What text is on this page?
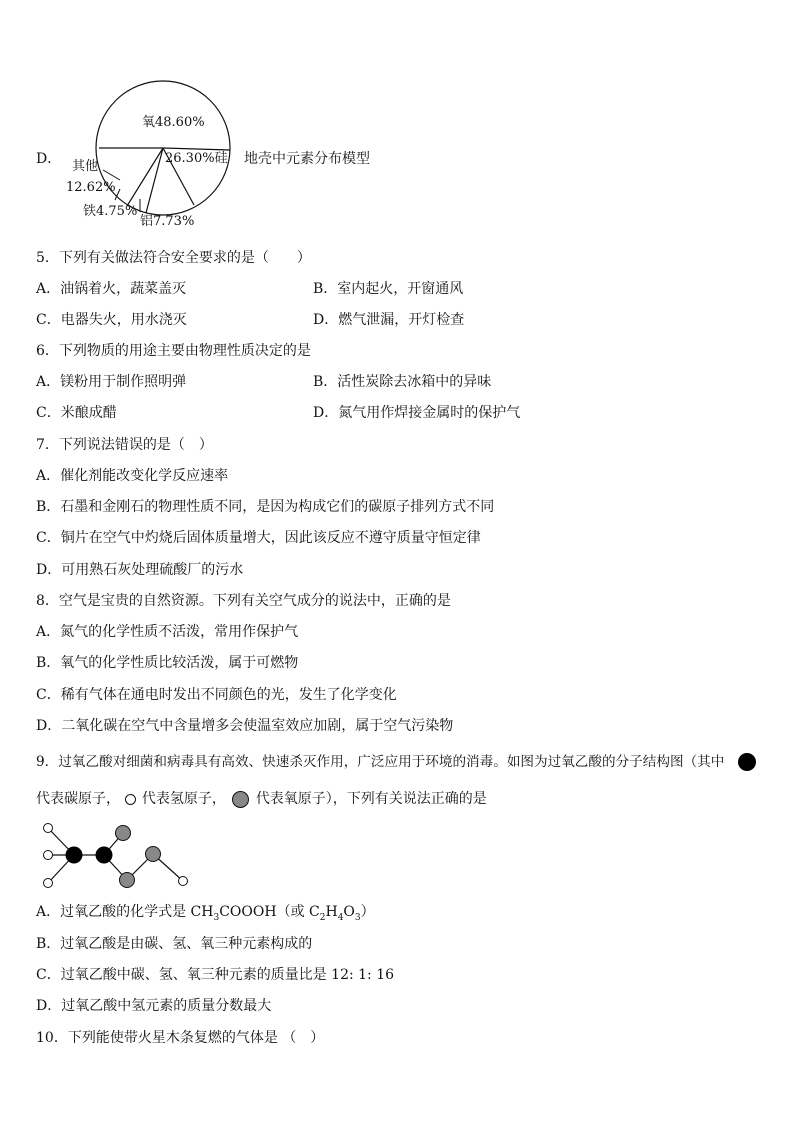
D．
氧48.60%
26.30%硅
其他
12.62%
铁4.75%
铝7.73%
地壳中元素分布模型
5．下列有关做法符合安全要求的是（　　）
A．油锅着火，蔬菜盖灭	B．室内起火，开窗通风
C．电器失火，用水浇灭	D．燃气泄漏，开灯检查
6．下列物质的用途主要由物理性质决定的是
A．镁粉用于制作照明弹	B．活性炭除去冰箱中的异味
C．米酿成醋	D．氮气用作焊接金属时的保护气
7．下列说法错误的是（　）
A．催化剂能改变化学反应速率
B．石墨和金刚石的物理性质不同，是因为构成它们的碳原子排列方式不同
C．铜片在空气中灼烧后固体质量增大，因此该反应不遵守质量守恒定律
D．可用熟石灰处理硫酸厂的污水
8．空气是宝贵的自然资源。下列有关空气成分的说法中，正确的是
A．氮气的化学性质不活泼，常用作保护气
B．氧气的化学性质比较活泼，属于可燃物
C．稀有气体在通电时发出不同颜色的光，发生了化学变化
D．二氧化碳在空气中含量增多会使温室效应加剧，属于空气污染物
9．过氧乙酸对细菌和病毒具有高效、快速杀灭作用，广泛应用于环境的消毒。如图为过氧乙酸的分子结构图（其中
代表碳原子， 代表氢原子， 代表氧原子），下列有关说法正确的是
A．过氧乙酸的化学式是 $CH_3COOOH$（或 $C_2H_4O_3$）
B．过氧乙酸是由碳、氢、氧三种元素构成的
C．过氧乙酸中碳、氢、氧三种元素的质量比是 12: 1: 16
D．过氧乙酸中氢元素的质量分数最大
10．下列能使带火星木条复燃的气体是 （　）
